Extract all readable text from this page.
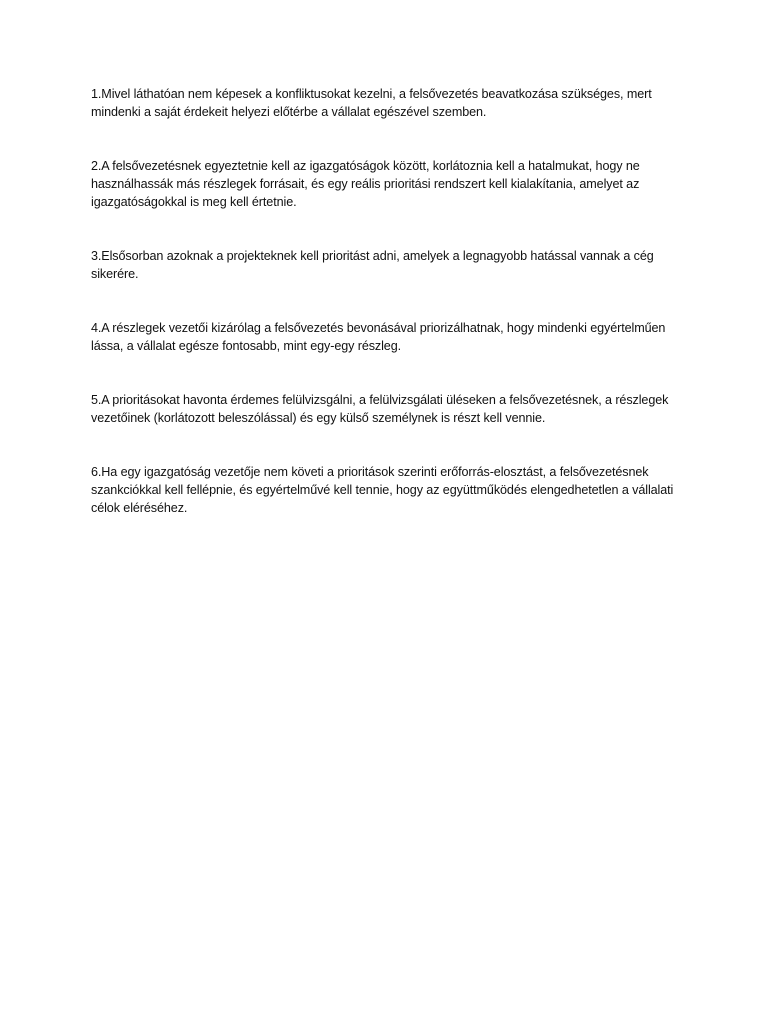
1.Mivel láthatóan nem képesek a konfliktusokat kezelni, a felsővezetés beavatkozása szükséges, mert mindenki a saját érdekeit helyezi előtérbe a vállalat egészével szemben.

2.A felsővezetésnek egyeztetnie kell az igazgatóságok között, korlátoznia kell a hatalmukat, hogy ne használhassák más részlegek forrásait, és egy reális prioritási rendszert kell kialakítania, amelyet az igazgatóságokkal is meg kell értetnie.

3.Elsősorban azoknak a projekteknek kell prioritást adni, amelyek a legnagyobb hatással vannak a cég sikerére.

4.A részlegek vezetői kizárólag a felsővezetés bevonásával priorizálhatnak, hogy mindenki egyértelműen lássa, a vállalat egésze fontosabb, mint egy-egy részleg.

5.A prioritásokat havonta érdemes felülvizsgálni, a felülvizsgálati üléseken a felsővezetésnek, a részlegek vezetőinek (korlátozott beleszólással) és egy külső személynek is részt kell vennie.

6.Ha egy igazgatóság vezetője nem követi a prioritások szerinti erőforrás-elosztást, a felsővezetésnek szankciókkal kell fellépnie, és egyértelművé kell tennie, hogy az együttműködés elengedhetetlen a vállalati célok eléréséhez.
